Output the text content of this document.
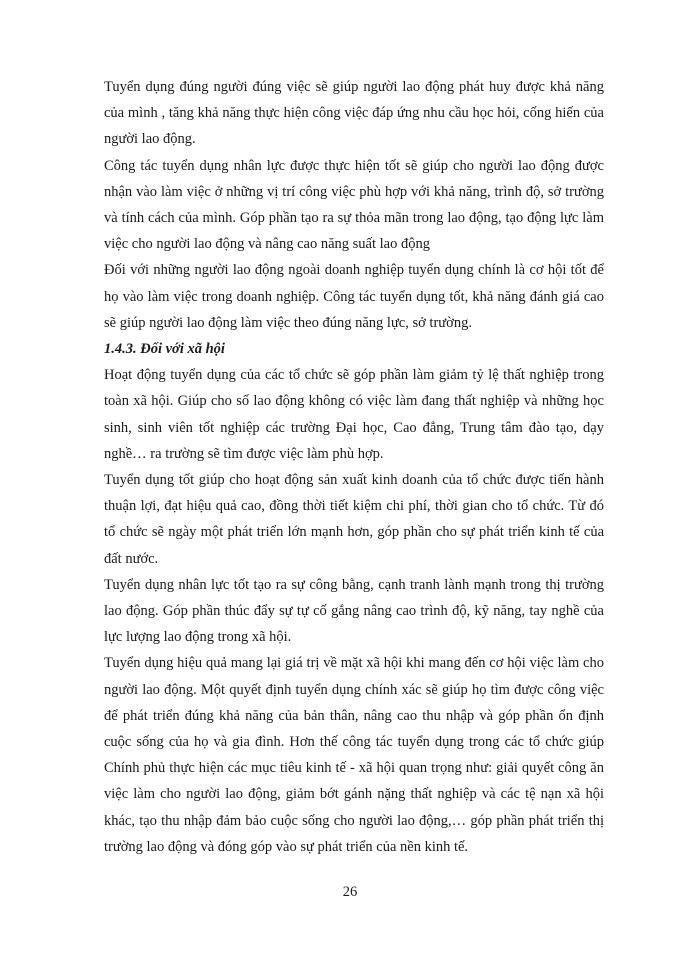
Tuyển dụng đúng người đúng việc sẽ giúp người lao động phát huy được khả năng của mình , tăng khả năng thực hiện công việc đáp ứng nhu cầu học hỏi, cống hiến của người lao động.

Công tác tuyển dụng nhân lực được thực hiện tốt sẽ giúp cho người lao động được nhận vào làm việc ở những vị trí công việc phù hợp với khả năng, trình độ, sở trường và tính cách của mình. Góp phần tạo ra sự thỏa mãn trong lao động, tạo động lực làm việc cho người lao động và nâng cao năng suất lao động

Đối với những người lao động ngoài doanh nghiệp tuyển dụng chính là cơ hội tốt để họ vào làm việc trong doanh nghiệp. Công tác tuyển dụng tốt, khả năng đánh giá cao sẽ giúp người lao động làm việc theo đúng năng lực, sở trường.

1.4.3. Đối với xã hội

Hoạt động tuyển dụng của các tổ chức sẽ góp phần làm giảm tỷ lệ thất nghiệp trong toàn xã hội. Giúp cho số lao động không có việc làm đang thất nghiệp và những học sinh, sinh viên tốt nghiệp các trường Đại học, Cao đẳng, Trung tâm đào tạo, dạy nghề… ra trường sẽ tìm được việc làm phù hợp.

Tuyển dụng tốt giúp cho hoạt động sản xuất kinh doanh của tổ chức được tiến hành thuận lợi, đạt hiệu quả cao, đồng thời tiết kiệm chi phí, thời gian cho tổ chức. Từ đó tổ chức sẽ ngày một phát triển lớn mạnh hơn, góp phần cho sự phát triển kinh tế của đất nước.

Tuyển dụng nhân lực tốt tạo ra sự công bằng, cạnh tranh lành mạnh trong thị trường lao động. Góp phần thúc đẩy sự tự cố gắng nâng cao trình độ, kỹ năng, tay nghề của lực lượng lao động trong xã hội.

Tuyển dụng hiệu quả mang lại giá trị về mặt xã hội khi mang đến cơ hội việc làm cho người lao động. Một quyết định tuyển dụng chính xác sẽ giúp họ tìm được công việc để phát triển đúng khả năng của bản thân, nâng cao thu nhập và góp phần ổn định cuộc sống của họ và gia đình. Hơn thế công tác tuyển dụng trong các tổ chức giúp Chính phủ thực hiện các mục tiêu kinh tế - xã hội quan trọng như: giải quyết công ăn việc làm cho người lao động, giảm bớt gánh nặng thất nghiệp và các tệ nạn xã hội khác, tạo thu nhập đảm bảo cuộc sống cho người lao động,… góp phần phát triển thị trường lao động và đóng góp vào sự phát triển của nền kinh tế.

26
